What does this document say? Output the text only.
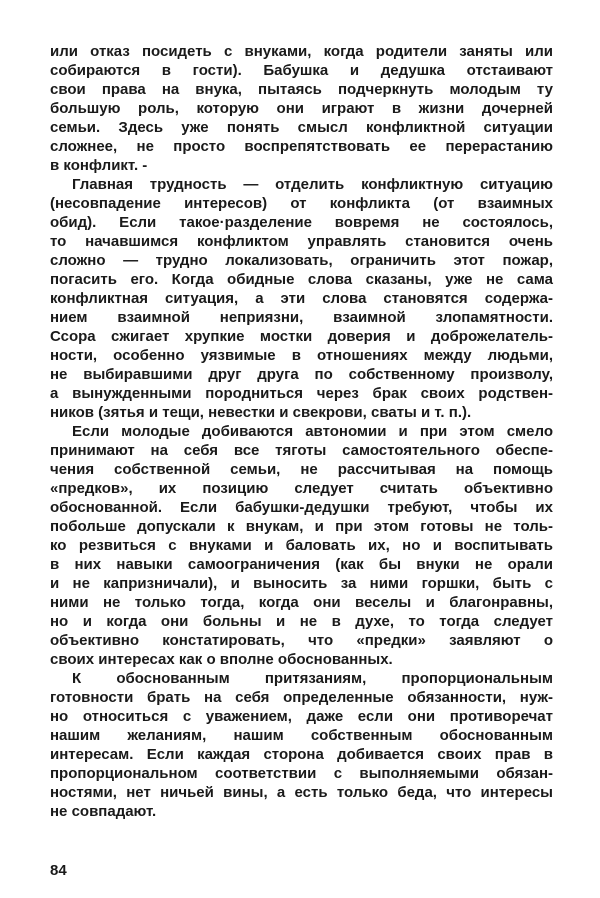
или отказ посидеть с внуками, когда родители заняты или
собираются в гости). Бабушка и дедушка отстаивают
свои права на внука, пытаясь подчеркнуть молодым ту
большую роль, которую они играют в жизни дочерней
семьи. Здесь уже понять смысл конфликтной ситуации
сложнее, не просто воспрепятствовать ее перерастанию
в конфликт. -
Главная трудность — отделить конфликтную ситуацию
(несовпадение интересов) от конфликта (от взаимных
обид). Если такое·разделение вовремя не состоялось,
то начавшимся конфликтом управлять становится очень
сложно — трудно локализовать, ограничить этот пожар,
погасить его. Когда обидные слова сказаны, уже не сама
конфликтная ситуация, а эти слова становятся содержа-
нием взаимной неприязни, взаимной злопамятности.
Ссора сжигает хрупкие мостки доверия и доброжелатель-
ности, особенно уязвимые в отношениях между людьми,
не выбиравшими друг друга по собственному произволу,
а вынужденными породниться через брак своих родствен-
ников (зятья и тещи, невестки и свекрови, сваты и т. п.).
Если молодые добиваются автономии и при этом смело
принимают на себя все тяготы самостоятельного обеспе-
чения собственной семьи, не рассчитывая на помощь
«предков», их позицию следует считать объективно
обоснованной. Если бабушки-дедушки требуют, чтобы их
побольше допускали к внукам, и при этом готовы не толь-
ко резвиться с внуками и баловать их, но и воспитывать
в них навыки самоограничения (как бы внуки не орали
и не капризничали), и выносить за ними горшки, быть с
ними не только тогда, когда они веселы и благонравны,
но и когда они больны и не в духе, то тогда следует
объективно констатировать, что «предки» заявляют о
своих интересах как о вполне обоснованных.
К обоснованным притязаниям, пропорциональным
готовности брать на себя определенные обязанности, нуж-
но относиться с уважением, даже если они противоречат
нашим желаниям, нашим собственным обоснованным
интересам. Если каждая сторона добивается своих прав в
пропорциональном соответствии с выполняемыми обязан-
ностями, нет ничьей вины, а есть только беда, что интересы
не совпадают.
84
